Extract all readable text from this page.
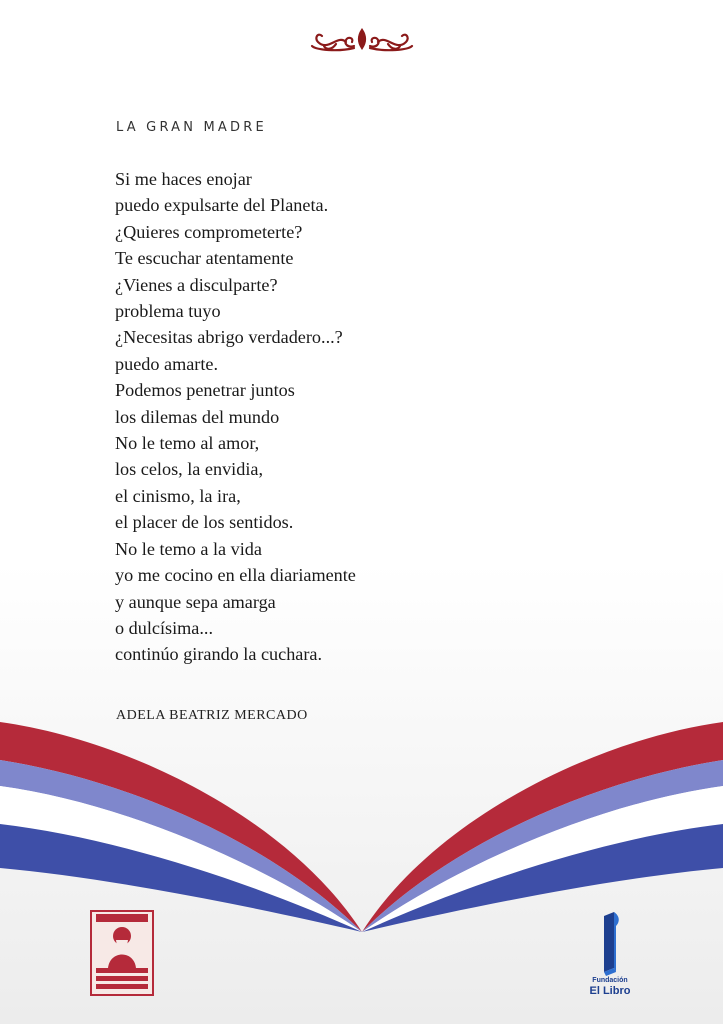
LA GRAN MADRE
Si me haces enojar
puedo expulsarte del Planeta.
¿Quieres comprometerte?
Te escuchar atentamente
¿Vienes a disculparte?
problema tuyo
¿Necesitas abrigo verdadero...?
puedo amarte.
Podemos penetrar juntos
los dilemas del mundo
No le temo al amor,
los celos, la envidia,
el cinismo, la ira,
el placer de los sentidos.
No le temo a la vida
yo me cocino en ella diariamente
y aunque sepa amarga
o dulcísima...
continúo girando la cuchara.
ADELA BEATRIZ MERCADO
Fundación
El Libro
